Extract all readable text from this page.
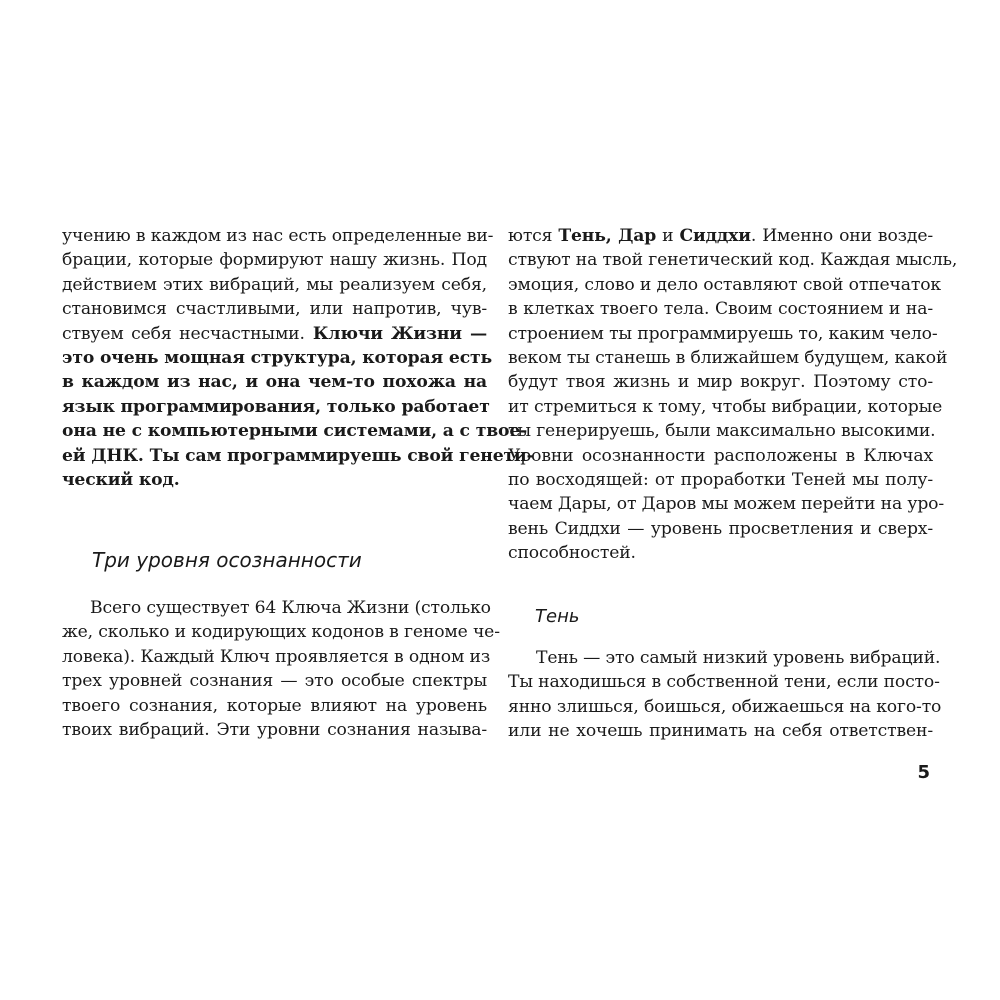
учению в каждом из нас есть определенные ви-
брации, которые формируют нашу жизнь. Под
действием этих вибраций, мы реализуем себя,
становимся счастливыми, или напротив, чув-
ствуем себя несчастными. Ключи Жизни —
это очень мощная структура, которая есть
в каждом из нас, и она чем-то похожа на
язык программирования, только работает
она не с компьютерными системами, а с твое-
ей ДНК. Ты сам программируешь свой генети-
ческий код.
Три уровня осознанности
Всего существует 64 Ключа Жизни (столько
же, сколько и кодирующих кодонов в геноме че-
ловека). Каждый Ключ проявляется в одном из
трех уровней сознания — это особые спектры
твоего сознания, которые влияют на уровень
твоих вибраций. Эти уровни сознания называ-
ются Тень, Дар и Сиддхи. Именно они возде-
ствуют на твой генетический код. Каждая мысль,
эмоция, слово и дело оставляют свой отпечаток
в клетках твоего тела. Своим состоянием и на-
строением ты программируешь то, каким чело-
веком ты станешь в ближайшем будущем, какой
будут твоя жизнь и мир вокруг. Поэтому сто-
ит стремиться к тому, чтобы вибрации, которые
ты генерируешь, были максимально высокими.
Уровни осознанности расположены в Ключах
по восходящей: от проработки Теней мы полу-
чаем Дары, от Даров мы можем перейти на уро-
вень Сиддхи — уровень просветления и сверх-
способностей.
Тень
Тень — это самый низкий уровень вибраций.
Ты находишься в собственной тени, если посто-
янно злишься, боишься, обижаешься на кого-то
или не хочешь принимать на себя ответствен-
5
